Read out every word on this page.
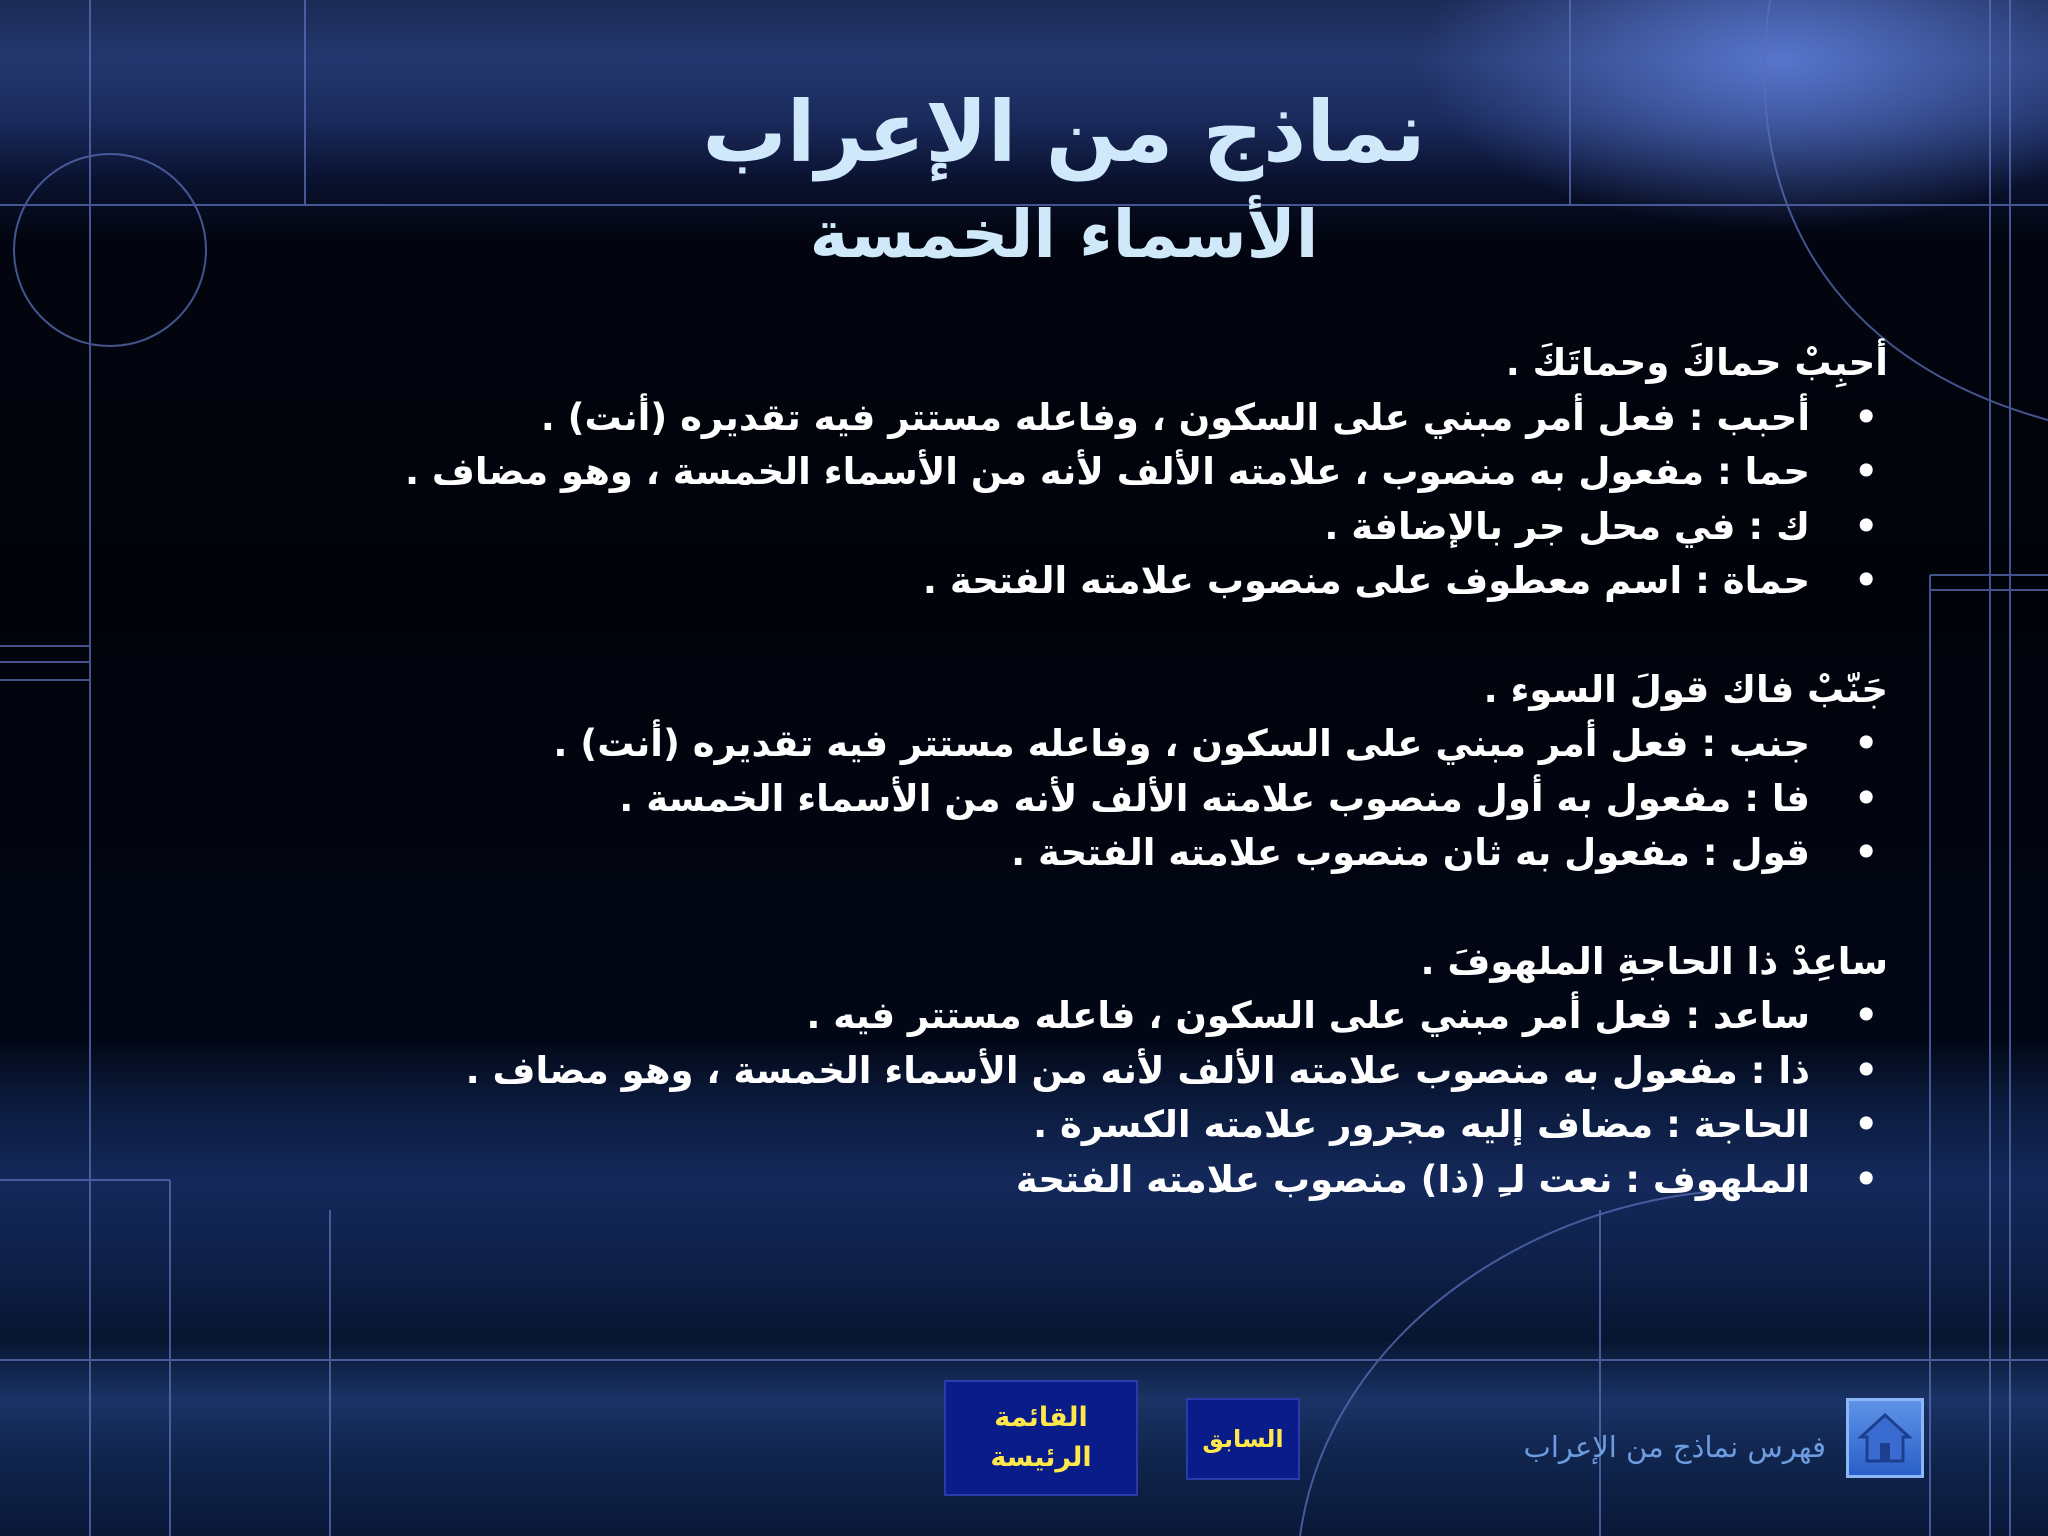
نماذج من الإعراب
الأسماء الخمسة
أحبِبْ حماكَ وحماتَكَ .
•
أحبب : فعل أمر مبني على السكون ، وفاعله مستتر فيه تقديره (أنت) .
•
حما : مفعول به منصوب ، علامته الألف لأنه من الأسماء الخمسة ، وهو مضاف .
•
ك : في محل جر بالإضافة .
•
حماة : اسم معطوف على منصوب علامته الفتحة .
جَنّبْ فاك قولَ السوء .
•
جنب : فعل أمر مبني على السكون ، وفاعله مستتر فيه تقديره (أنت) .
•
فا : مفعول به أول منصوب علامته الألف لأنه من الأسماء الخمسة .
•
قول : مفعول به ثان منصوب علامته الفتحة .
ساعِدْ ذا الحاجةِ الملهوفَ .
•
ساعد : فعل أمر مبني على السكون ، فاعله مستتر فيه .
•
ذا : مفعول به منصوب علامته الألف لأنه من الأسماء الخمسة ، وهو مضاف .
•
الحاجة : مضاف إليه مجرور علامته الكسرة .
•
الملهوف : نعت لـِ (ذا) منصوب علامته الفتحة
القائمة الرئيسة
السابق	فهرس نماذج من الإعراب
